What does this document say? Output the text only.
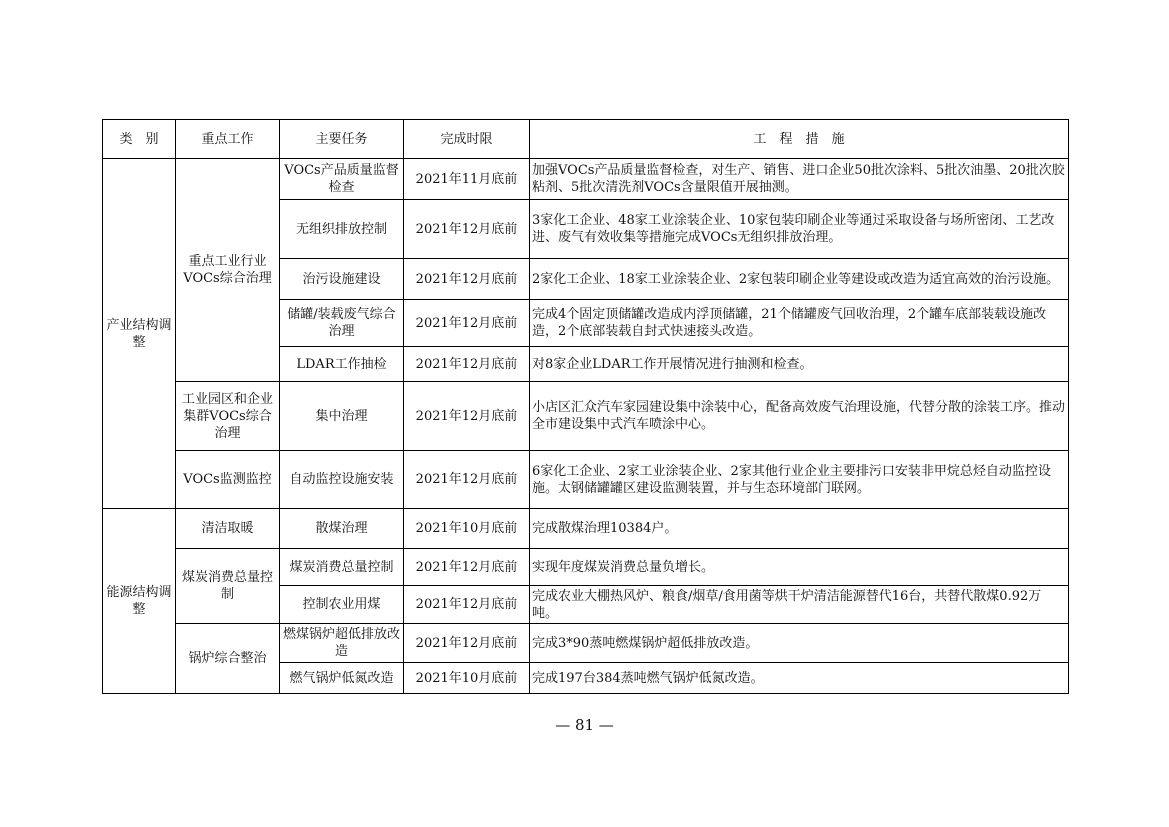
类　别	重点工作	主要任务	完成时限	工　程　措　施
产业结构调整	重点工业行业VOCs综合治理	VOCs产品质量监督检查	2021年11月底前	加强VOCs产品质量监督检查，对生产、销售、进口企业50批次涂料、5批次油墨、20批次胶粘剂、5批次清洗剂VOCs含量限值开展抽测。
		无组织排放控制	2021年12月底前	3家化工企业、48家工业涂装企业、10家包装印刷企业等通过采取设备与场所密闭、工艺改进、废气有效收集等措施完成VOCs无组织排放治理。
		治污设施建设	2021年12月底前	2家化工企业、18家工业涂装企业、2家包装印刷企业等建设或改造为适宜高效的治污设施。
		储罐/装载废气综合治理	2021年12月底前	完成4个固定顶储罐改造成内浮顶储罐，21个储罐废气回收治理，2个罐车底部装载设施改造，2个底部装载自封式快速接头改造。
		LDAR工作抽检	2021年12月底前	对8家企业LDAR工作开展情况进行抽测和检查。
	工业园区和企业集群VOCs综合治理	集中治理	2021年12月底前	小店区汇众汽车家园建设集中涂装中心，配备高效废气治理设施，代替分散的涂装工序。推动全市建设集中式汽车喷涂中心。
	VOCs监测监控	自动监控设施安装	2021年12月底前	6家化工企业、2家工业涂装企业、2家其他行业企业主要排污口安装非甲烷总烃自动监控设施。太钢储罐罐区建设监测装置，并与生态环境部门联网。
能源结构调整	清洁取暖	散煤治理	2021年10月底前	完成散煤治理10384户。
	煤炭消费总量控制	煤炭消费总量控制	2021年12月底前	实现年度煤炭消费总量负增长。
		控制农业用煤	2021年12月底前	完成农业大棚热风炉、粮食/烟草/食用菌等烘干炉清洁能源替代16台，共替代散煤0.92万吨。
	锅炉综合整治	燃煤锅炉超低排放改造	2021年12月底前	完成3*90蒸吨燃煤锅炉超低排放改造。
		燃气锅炉低氮改造	2021年10月底前	完成197台384蒸吨燃气锅炉低氮改造。
— 81 —
